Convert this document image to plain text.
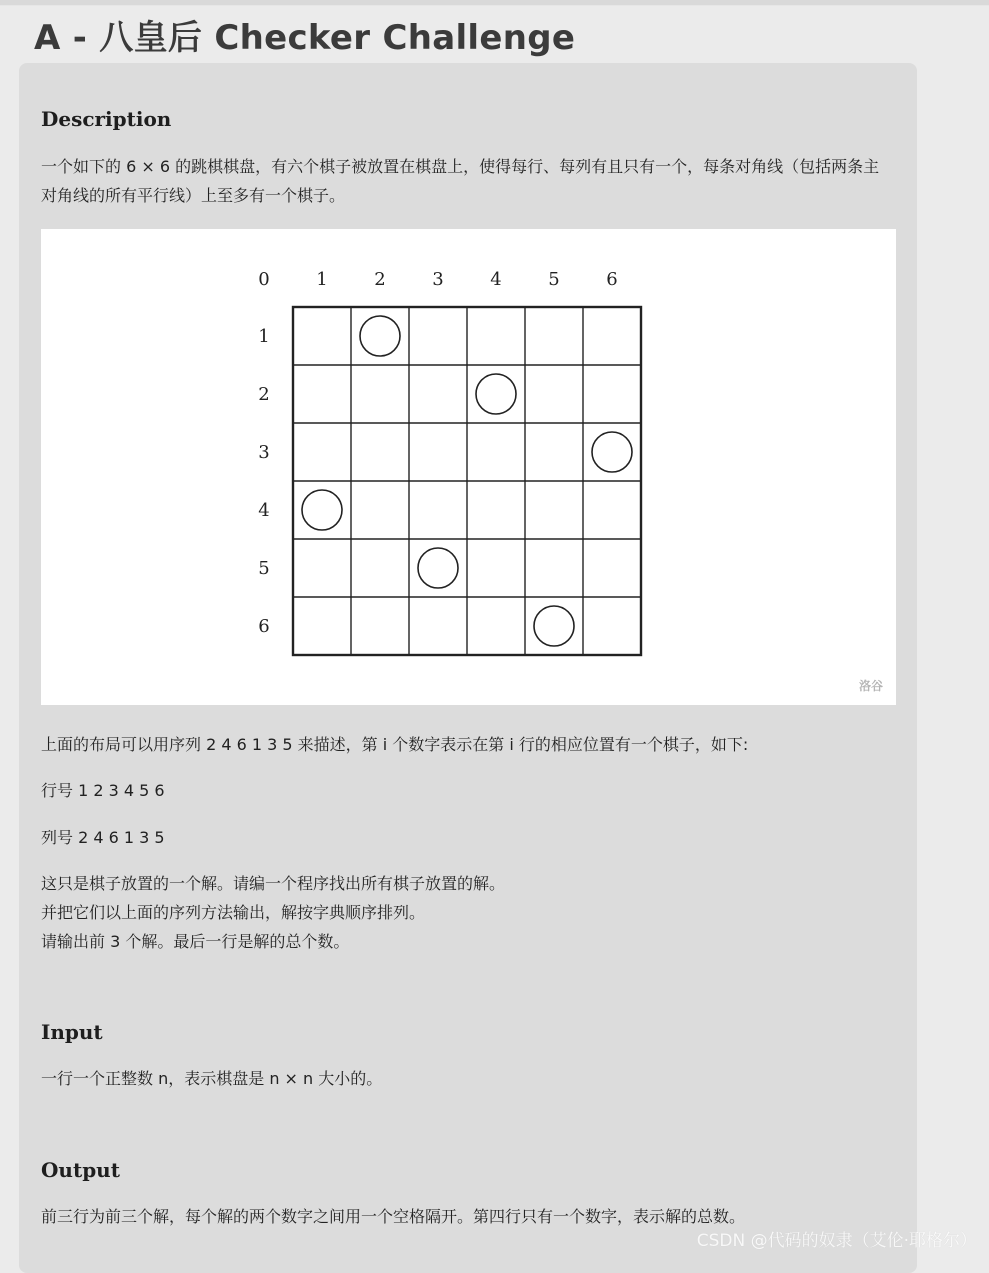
A - 八皇后 Checker Challenge
Description

一个如下的 6 × 6 的跳棋棋盘，有六个棋子被放置在棋盘上，使得每行、每列有且只有一个，每条对角线（包括两条主对角线的所有平行线）上至多有一个棋子。

0	1	2	3	4	5	6
1
2
3
4
5
6
洛谷

上面的布局可以用序列 2 4 6 1 3 5 来描述，第 i 个数字表示在第 i 行的相应位置有一个棋子，如下:

行号 1 2 3 4 5 6

列号 2 4 6 1 3 5

这只是棋子放置的一个解。请编一个程序找出所有棋子放置的解。

并把它们以上面的序列方法输出，解按字典顺序排列。

请输出前 3 个解。最后一行是解的总个数。

Input

一行一个正整数 n，表示棋盘是 n × n 大小的。

Output

前三行为前三个解，每个解的两个数字之间用一个空格隔开。第四行只有一个数字，表示解的总数。

CSDN @代码的奴隶（艾伦·耶格尔）
